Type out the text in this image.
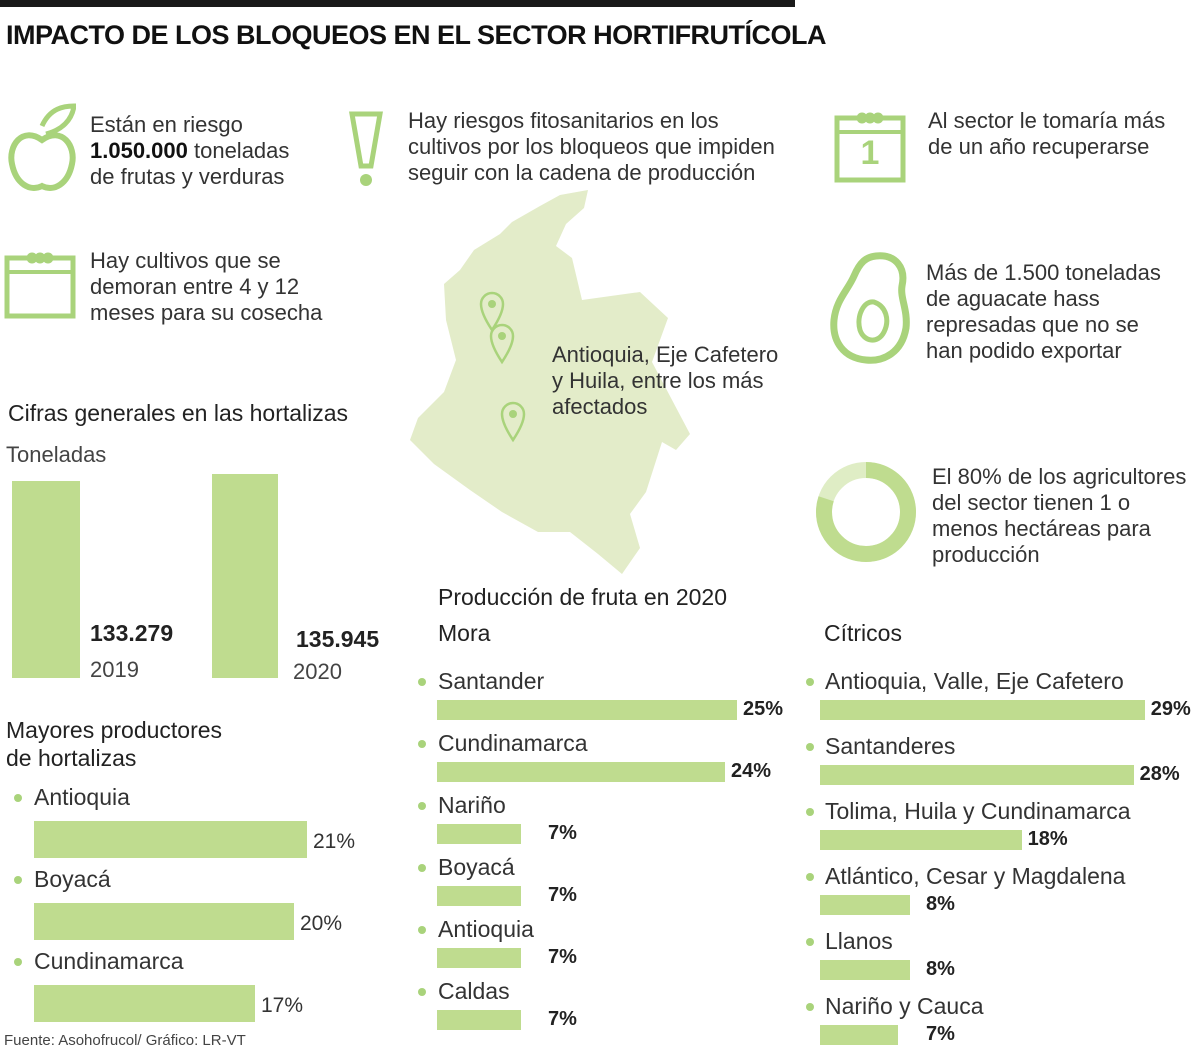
IMPACTO DE LOS BLOQUEOS EN EL SECTOR HORTIFRUTÍCOLA
Están en riesgo
1.050.000 toneladas
de frutas y verduras
Hay riesgos fitosanitarios en los
cultivos por los bloqueos que impiden
seguir con la cadena de producción
1
Al sector le tomaría más
de un año recuperarse
Hay cultivos que se
demoran entre 4 y 12
meses para su cosecha
Más de 1.500 toneladas
de aguacate hass
represadas que no se
han podido exportar
Antioquia, Eje Cafetero
y Huila, entre los más
afectados
El 80% de los agricultores
del sector tienen 1 o
menos hectáreas para
producción
Cifras generales en las hortalizas
Toneladas
133.279
2019
135.945
2020
Mayores productores
de hortalizas
Producción de fruta en 2020
Mora	Cítricos
Fuente: Asohofrucol/ Gráfico: LR-VT
Antioquia
21%
Boyacá
20%
Cundinamarca
17%
Santander
25%
Cundinamarca
24%
Nariño
7%
Boyacá
7%
Antioquia
7%
Caldas
7%
Antioquia, Valle, Eje Cafetero
29%
Santanderes
28%
Tolima, Huila y Cundinamarca
18%
Atlántico, Cesar y Magdalena
8%
Llanos
8%
Nariño y Cauca
7%
